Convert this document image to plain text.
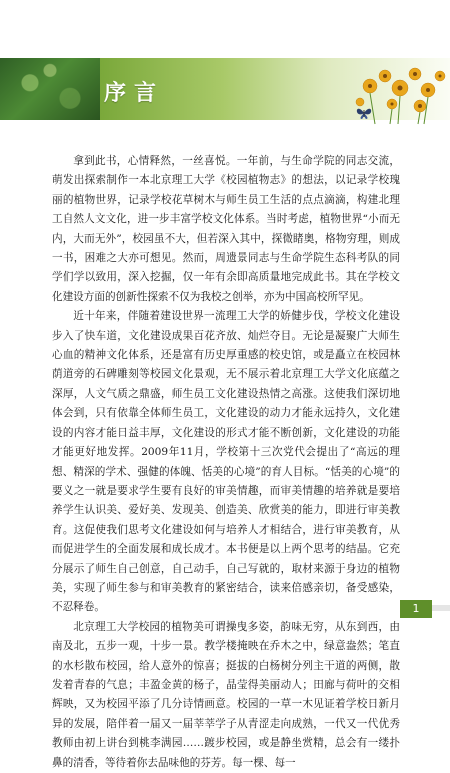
序言

拿到此书，心情释然，一丝喜悦。一年前，与生命学院的同志交流，萌发出探索制作一本北京理工大学《校园植物志》的想法，以记录学校瑰丽的植物世界，记录学校花草树木与师生员工生活的点点滴滴，构建北理工自然人文文化，进一步丰富学校文化体系。当时考虑，植物世界“小而无内，大而无外”，校园虽不大，但若深入其中，探微睹奥，格物穷理，则成一书，困难之大亦可想见。然而，周遗景同志与生命学院生态科考队的同学们学以致用，深入挖掘，仅一年有余即高质量地完成此书。其在学校文化建设方面的创新性探索不仅为我校之创举，亦为中国高校所罕见。

近十年来，伴随着建设世界一流理工大学的娇健步伐，学校文化建设步入了快车道，文化建设成果百花齐放、灿烂夺目。无论是凝聚广大师生心血的精神文化体系，还是富有历史厚重感的校史馆，或是矗立在校园林荫道旁的石碑雕刻等校园文化景观，无不展示着北京理工大学文化底蕴之深厚，人文气质之鼎盛，师生员工文化建设热情之高涨。这使我们深切地体会到，只有依靠全体师生员工，文化建设的动力才能永远持久，文化建设的内容才能日益丰厚，文化建设的形式才能不断创新，文化建设的功能才能更好地发挥。2009年11月，学校第十三次党代会提出了“高远的理想、精深的学术、强健的体魄、恬美的心境”的育人目标。“恬美的心境”的要义之一就是要求学生要有良好的审美情趣，而审美情趣的培养就是要培养学生认识美、爱好美、发现美、创造美、欣赏美的能力，即进行审美教育。这促使我们思考文化建设如何与培养人才相结合，进行审美教育，从而促进学生的全面发展和成长成才。本书便是以上两个思考的结晶。它充分展示了师生自己创意，自己动手，自己写就的，取材来源于身边的植物美，实现了师生参与和审美教育的紧密结合，读来倍感亲切，备受感染，不忍释卷。

北京理工大学校园的植物美可谓操曳多姿，韵味无穷，从东到西，由南及北，五步一观，十步一景。教学楼掩映在乔木之中，绿意盎然；笔直的水杉散布校园，给人意外的惊喜；挺拔的白杨树分列主干道的两侧，散发着青春的气息；丰盈金黄的杨子，晶莹得美丽动人；田廊与荷叶的交相辉映，又为校园平添了几分诗情画意。校园的一草一木见证着学校日新月异的发展，陪伴着一届又一届莘莘学子从青涩走向成熟，一代又一代优秀教师由初上讲台到桃李满园……踱步校园，或是静坐赏精，总会有一缕扑鼻的清香，等待着你去品味他的芬芳。每一棵、每一

1
